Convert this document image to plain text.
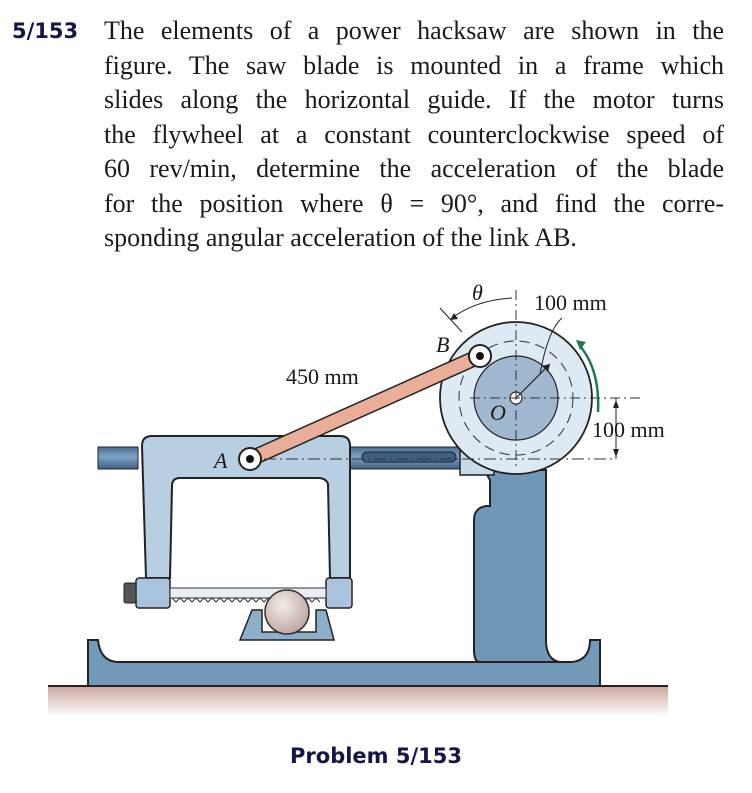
5/153 The elements of a power hacksaw are shown in the
figure. The saw blade is mounted in a frame which
slides along the horizontal guide. If the motor turns
the flywheel at a constant counterclockwise speed of
60 rev/min, determine the acceleration of the blade
for the position where θ = 90°, and find the corre-
sponding angular acceleration of the link AB.
θ 100 mm
450 mm
100 mm
A
B
O
Problem 5/153
